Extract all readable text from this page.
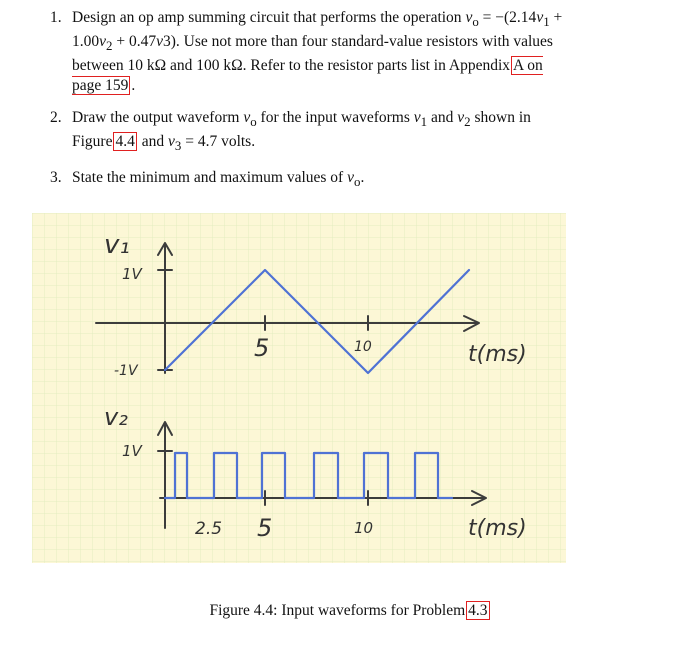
1. Design an op amp summing circuit that performs the operation $v_o = -(2.14v_1 + 1.00v_2 + 0.47v3)$. Use not more than four standard-value resistors with values between 10 kΩ and 100 kΩ. Refer to the resistor parts list in Appendix A on page 159 .
2. Draw the output waveform $v_o$ for the input waveforms $v_1$ and $v_2$ shown in Figure 4.4 and $v_3 = 4.7$ volts.
3. State the minimum and maximum values of $v_o$.
v₁
1V
-1V
5	10	t(ms)
v₂
1V
2.5 5	10	t(ms)
Figure 4.4: Input waveforms for Problem 4.3
